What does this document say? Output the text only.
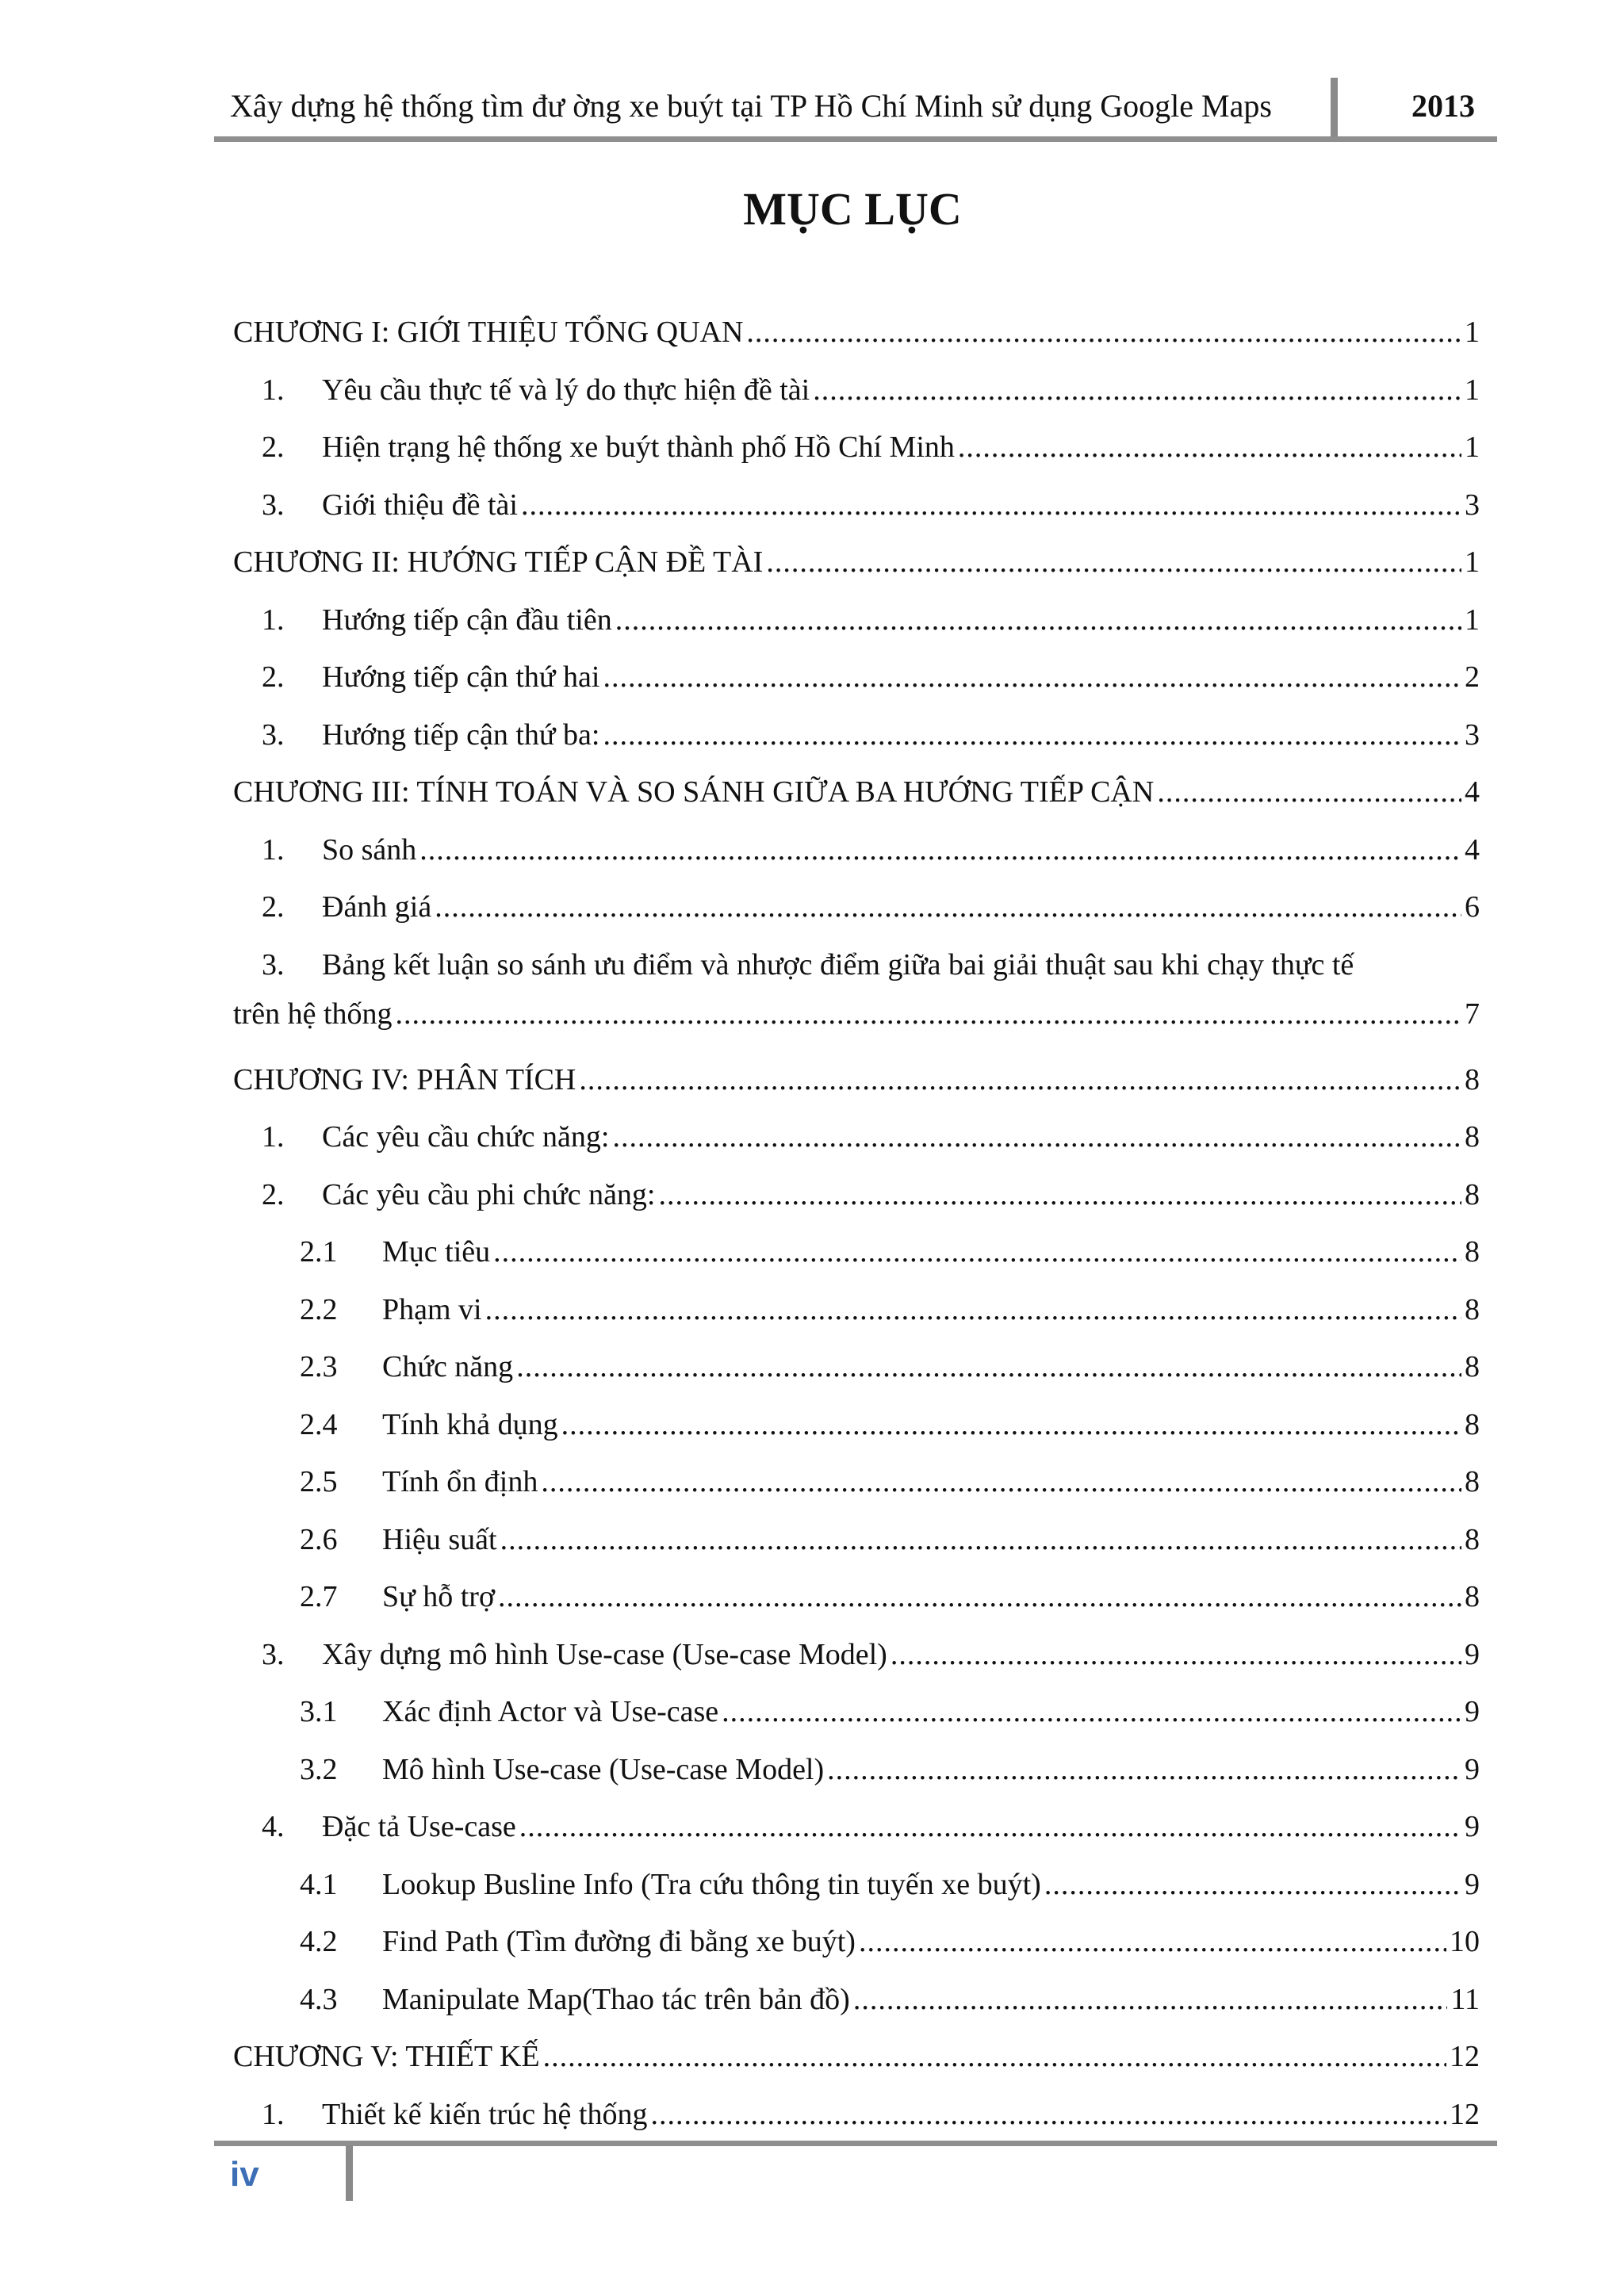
Xây dựng hệ thống tìm đư ờng xe buýt tại TP Hồ Chí Minh sử dụng Google Maps	2013
MỤC LỤC
CHƯƠNG I: GIỚI THIỆU TỔNG QUAN .....	1
1.	Yêu cầu thực tế và lý do thực hiện đề tài .....	1
2.	Hiện trạng hệ thống xe buýt thành phố Hồ Chí Minh .....	1
3.	Giới thiệu đề tài .....	3
CHƯƠNG II: HƯỚNG TIẾP CẬN ĐỀ TÀI .....	1
1.	Hướng tiếp cận đầu tiên .....	1
2.	Hướng tiếp cận thứ hai .....	2
3.	Hướng tiếp cận thứ ba: .....	3
CHƯƠNG III: TÍNH TOÁN VÀ SO SÁNH GIỮA BA HƯỚNG TIẾP CẬN .....	4
1.	So sánh .....	4
2.	Đánh giá .....	6
3. Bảng kết luận so sánh ưu điểm và nhược điểm giữa bai giải thuật sau khi chạy thực tế
trên hệ thống .....	7
CHƯƠNG IV: PHÂN TÍCH .....	8
1.	Các yêu cầu chức năng: .....	8
2.	Các yêu cầu phi chức năng: .....	8
2.1	Mục tiêu .....	8
2.2	Phạm vi .....	8
2.3	Chức năng .....	8
2.4	Tính khả dụng .....	8
2.5	Tính ổn định .....	8
2.6	Hiệu suất .....	8
2.7	Sự hỗ trợ .....	8
3.	Xây dựng mô hình Use-case (Use-case Model) .....	9
3.1	Xác định Actor và Use-case .....	9
3.2	Mô hình Use-case (Use-case Model) .....	9
4.	Đặc tả Use-case .....	9
4.1	Lookup Busline Info (Tra cứu thông tin tuyến xe buýt) .....	9
4.2	Find Path (Tìm đường đi bằng xe buýt) .....	10
4.3	Manipulate Map(Thao tác trên bản đồ) .....	11
CHƯƠNG V: THIẾT KẾ .....	12
1.	Thiết kế kiến trúc hệ thống .....	12
iv
